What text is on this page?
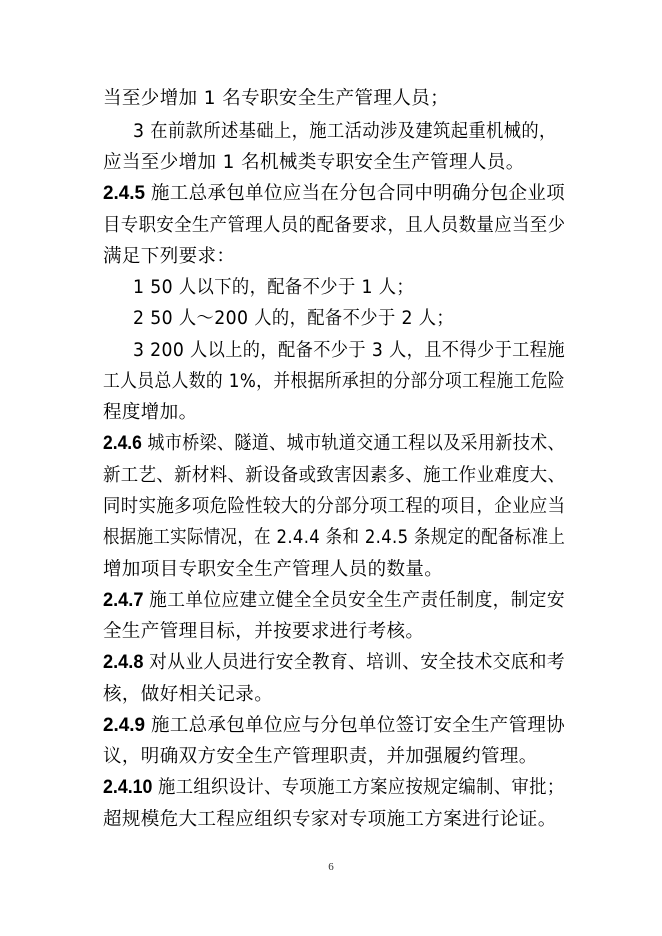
当至少增加 1 名专职安全生产管理人员；
3 在前款所述基础上，施工活动涉及建筑起重机械的，
应当至少增加 1 名机械类专职安全生产管理人员。
2.4.5 施工总承包单位应当在分包合同中明确分包企业项
目专职安全生产管理人员的配备要求，且人员数量应当至少
满足下列要求：
1 50 人以下的，配备不少于 1 人；
2 50 人～200 人的，配备不少于 2 人；
3 200 人以上的，配备不少于 3 人，且不得少于工程施
工人员总人数的 1%，并根据所承担的分部分项工程施工危险
程度增加。
2.4.6 城市桥梁、隧道、城市轨道交通工程以及采用新技术、
新工艺、新材料、新设备或致害因素多、施工作业难度大、
同时实施多项危险性较大的分部分项工程的项目，企业应当
根据施工实际情况，在 2.4.4 条和 2.4.5 条规定的配备标准上
增加项目专职安全生产管理人员的数量。
2.4.7 施工单位应建立健全全员安全生产责任制度，制定安
全生产管理目标，并按要求进行考核。
2.4.8 对从业人员进行安全教育、培训、安全技术交底和考
核，做好相关记录。
2.4.9 施工总承包单位应与分包单位签订安全生产管理协
议，明确双方安全生产管理职责，并加强履约管理。
2.4.10 施工组织设计、专项施工方案应按规定编制、审批；
超规模危大工程应组织专家对专项施工方案进行论证。
6
